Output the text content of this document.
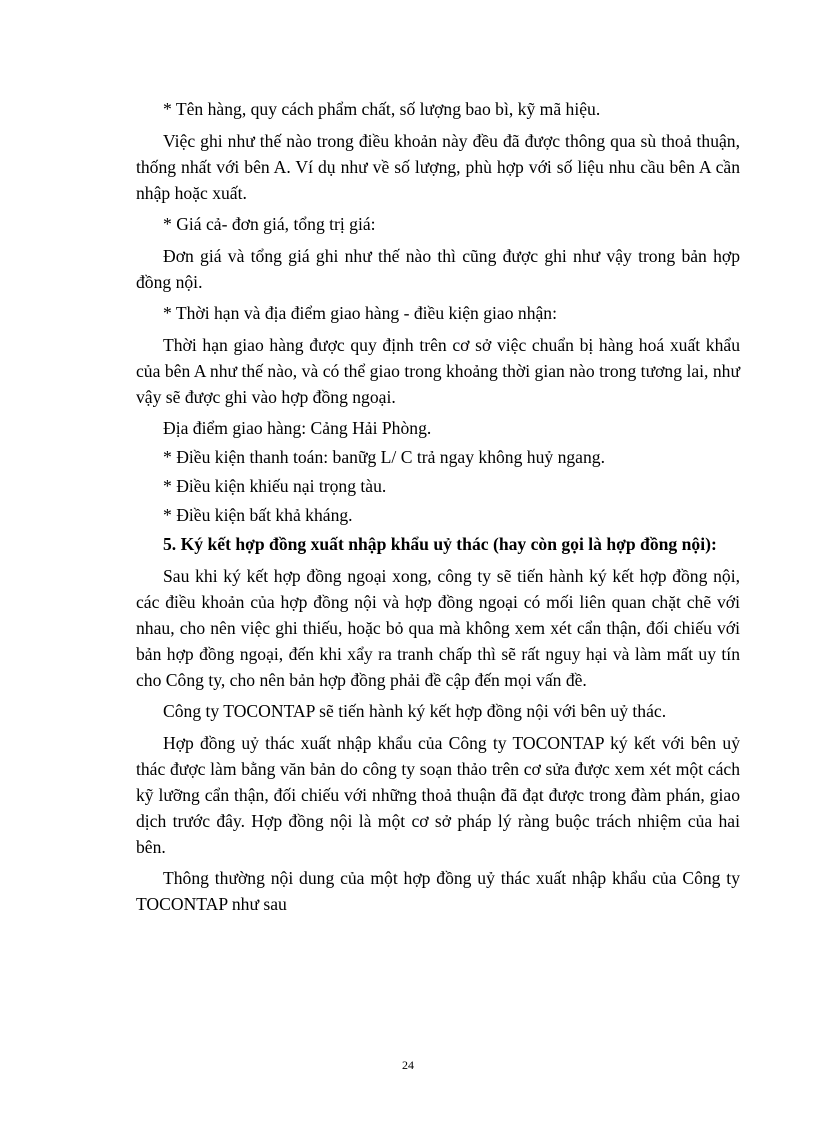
* Tên hàng, quy cách phẩm chất, số lượng bao bì, kỹ mã hiệu.

Việc ghi như thế nào trong điều khoản này đều đã được thông qua sù thoả thuận, thống nhất với bên A. Ví dụ như về số lượng, phù hợp với số liệu nhu cầu bên A cần nhập hoặc xuất.

* Giá cả- đơn giá, tổng trị giá:

Đơn giá và tổng giá ghi như thế nào thì cũng được ghi như vậy trong bản hợp đồng nội.

* Thời hạn và địa điểm giao hàng - điều kiện giao nhận:

Thời hạn giao hàng được quy định trên cơ sở việc chuẩn bị hàng hoá xuất khẩu của bên A như thế nào, và có thể giao trong khoảng thời gian nào trong tương lai, như vậy sẽ được ghi vào hợp đồng ngoại.

Địa điểm giao hàng: Cảng Hải Phòng.

* Điều kiện thanh toán: banữg L/ C trả ngay không huỷ ngang.

* Điều kiện khiếu nại trọng tàu.

* Điều kiện bất khả kháng.

5. Ký kết hợp đồng xuất nhập khẩu uỷ thác (hay còn gọi là hợp đồng nội):

Sau khi ký kết hợp đồng ngoại xong, công ty sẽ tiến hành ký kết hợp đồng nội, các điều khoản của hợp đồng nội và hợp đồng ngoại có mối liên quan chặt chẽ với nhau, cho nên việc ghi thiếu, hoặc bỏ qua mà không xem xét cẩn thận, đối chiếu với bản hợp đồng ngoại, đến khi xẩy ra tranh chấp thì sẽ rất nguy hại và làm mất uy tín cho Công ty, cho nên bản hợp đồng phải đề cập đến mọi vấn đề.

Công ty TOCONTAP sẽ tiến hành ký kết hợp đồng nội với bên uỷ thác.

Hợp đồng uỷ thác xuất nhập khẩu của Công ty TOCONTAP ký kết với bên uỷ thác được làm bằng văn bản do công ty soạn thảo trên cơ sửa được xem xét một cách kỹ lưỡng cẩn thận, đối chiếu với những thoả thuận đã đạt được trong đàm phán, giao dịch trước đây. Hợp đồng nội là một cơ sở pháp lý ràng buộc trách nhiệm của hai bên.

Thông thường nội dung của một hợp đồng uỷ thác xuất nhập khẩu của Công ty TOCONTAP như sau

24
